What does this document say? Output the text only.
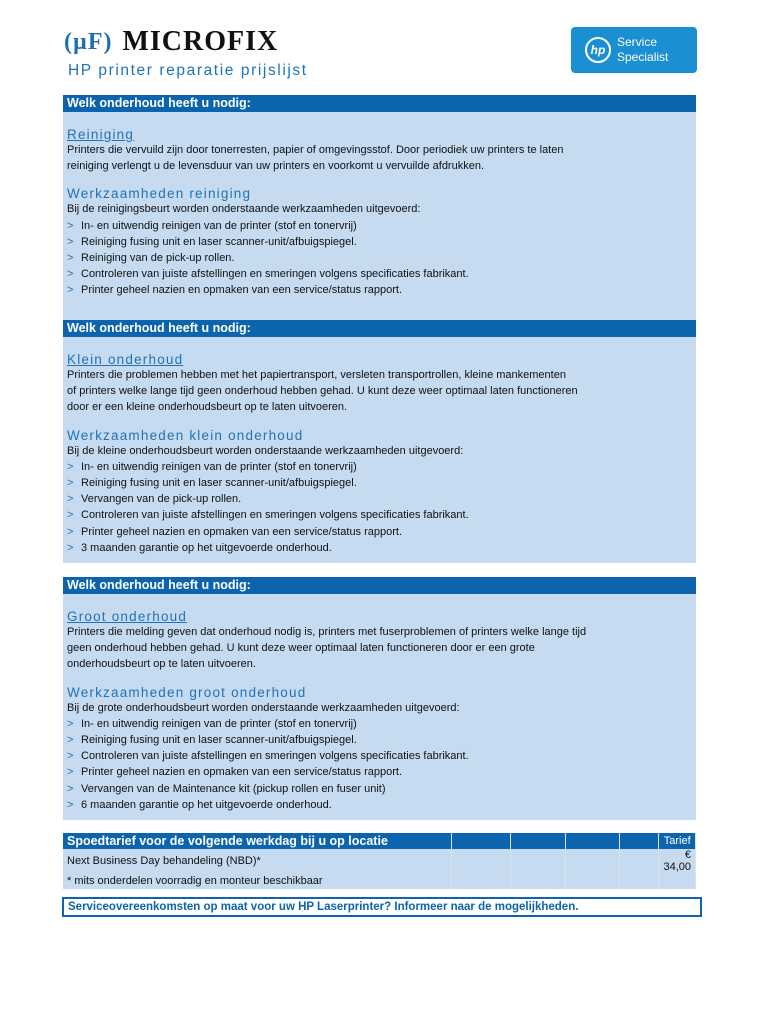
(µF) MICROFIX
HP printer reparatie prijslijst
hp
Service
Specialist
Welk onderhoud heeft u nodig:
Reiniging
Printers die vervuild zijn door tonerresten, papier of omgevingsstof. Door periodiek uw printers te laten
reiniging verlengt u de levensduur van uw printers en voorkomt u vervuilde afdrukken.
Werkzaamheden reiniging
Bij de reinigingsbeurt worden onderstaande werkzaamheden uitgevoerd:
> In- en uitwendig reinigen van de printer (stof en tonervrij)
> Reiniging fusing unit en laser scanner-unit/afbuigspiegel.
> Reiniging van de pick-up rollen.
> Controleren van juiste afstellingen en smeringen volgens specificaties fabrikant.
> Printer geheel nazien en opmaken van een service/status rapport.
Welk onderhoud heeft u nodig:
Klein onderhoud
Printers die problemen hebben met het papiertransport, versleten transportrollen, kleine mankementen
of printers welke lange tijd geen onderhoud hebben gehad. U kunt deze weer optimaal laten functioneren
door er een kleine onderhoudsbeurt op te laten uitvoeren.
Werkzaamheden klein onderhoud
Bij de kleine onderhoudsbeurt worden onderstaande werkzaamheden uitgevoerd:
> In- en uitwendig reinigen van de printer (stof en tonervrij)
> Reiniging fusing unit en laser scanner-unit/afbuigspiegel.
> Vervangen van de pick-up rollen.
> Controleren van juiste afstellingen en smeringen volgens specificaties fabrikant.
> Printer geheel nazien en opmaken van een service/status rapport.
> 3 maanden garantie op het uitgevoerde onderhoud.
Welk onderhoud heeft u nodig:
Groot onderhoud
Printers die melding geven dat onderhoud nodig is, printers met fuserproblemen of printers welke lange tijd
geen onderhoud hebben gehad. U kunt deze weer optimaal laten functioneren door er een grote
onderhoudsbeurt op te laten uitvoeren.
Werkzaamheden groot onderhoud
Bij de grote onderhoudsbeurt worden onderstaande werkzaamheden uitgevoerd:
> In- en uitwendig reinigen van de printer (stof en tonervrij)
> Reiniging fusing unit en laser scanner-unit/afbuigspiegel.
> Controleren van juiste afstellingen en smeringen volgens specificaties fabrikant.
> Printer geheel nazien en opmaken van een service/status rapport.
> Vervangen van de Maintenance kit (pickup rollen en fuser unit)
> 6 maanden garantie op het uitgevoerde onderhoud.
Spoedtarief voor de volgende werkdag bij u op locatie					Tarief
Next Business Day behandeling (NBD)*					€ 34,00
* mits onderdelen voorradig en monteur beschikbaar					
Serviceovereenkomsten op maat voor uw HP Laserprinter? Informeer naar de mogelijkheden.
